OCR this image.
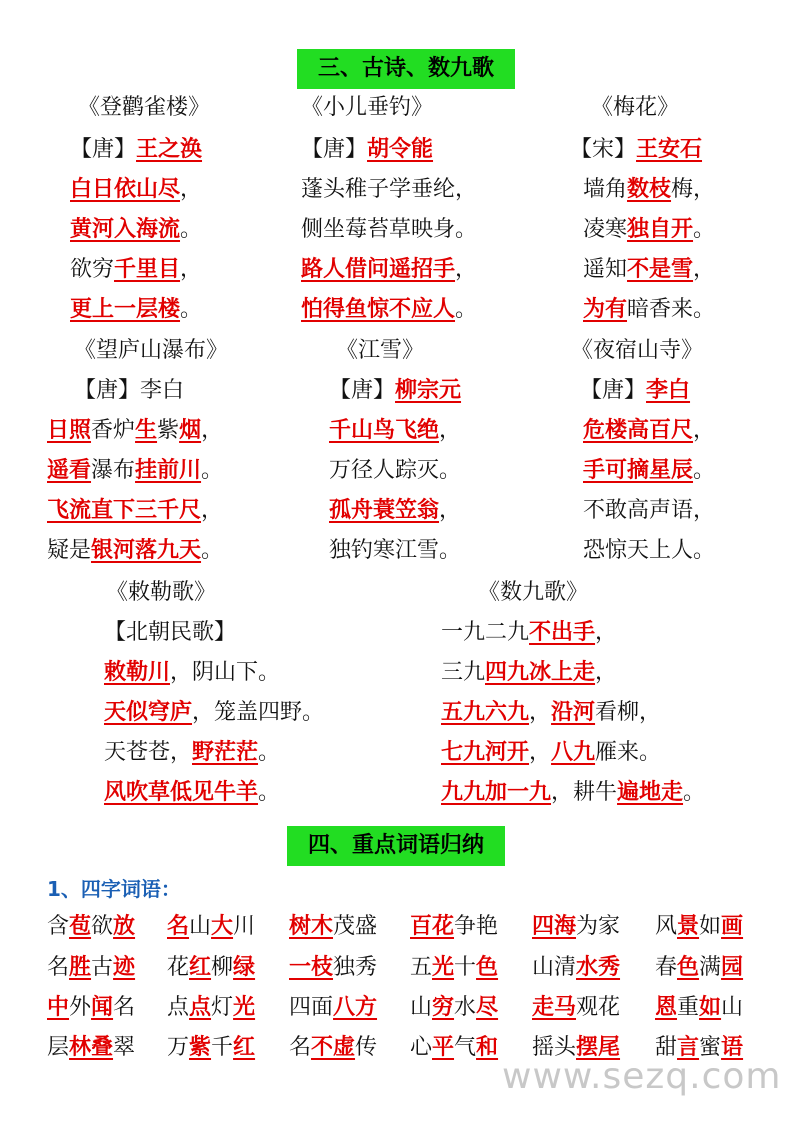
三、古诗、数九歌
《登鹳雀楼》
【唐】王之涣
白日依山尽，
黄河入海流。
欲穷千里目，
更上一层楼。
《小儿垂钓》
【唐】胡令能
蓬头稚子学垂纶，
侧坐莓苔草映身。
路人借问遥招手，
怕得鱼惊不应人。
《梅花》
【宋】王安石
墙角数枝梅，
凌寒独自开。
遥知不是雪，
为有暗香来。
《望庐山瀑布》
【唐】李白
日照香炉生紫烟，
遥看瀑布挂前川。
飞流直下三千尺，
疑是银河落九天。
《江雪》
【唐】柳宗元
千山鸟飞绝，
万径人踪灭。
孤舟蓑笠翁，
独钓寒江雪。
《夜宿山寺》
【唐】李白
危楼高百尺，
手可摘星辰。
不敢高声语，
恐惊天上人。
《敕勒歌》
【北朝民歌】
敕勒川，阴山下。
天似穹庐，笼盖四野。
天苍苍，野茫茫。
风吹草低见牛羊。
《数九歌》
一九二九不出手，
三九四九冰上走，
五九六九，沿河看柳，
七九河开，八九雁来。
九九加一九，耕牛遍地走。
四、重点词语归纳
1、四字词语：
含苞欲放 名山大川 树木茂盛 百花争艳 四海为家 风景如画
名胜古迹 花红柳绿 一枝独秀 五光十色 山清水秀 春色满园
中外闻名 点点灯光 四面八方 山穷水尽 走马观花 恩重如山
层林叠翠 万紫千红 名不虚传 心平气和 摇头摆尾 甜言蜜语
www.sezq.com
